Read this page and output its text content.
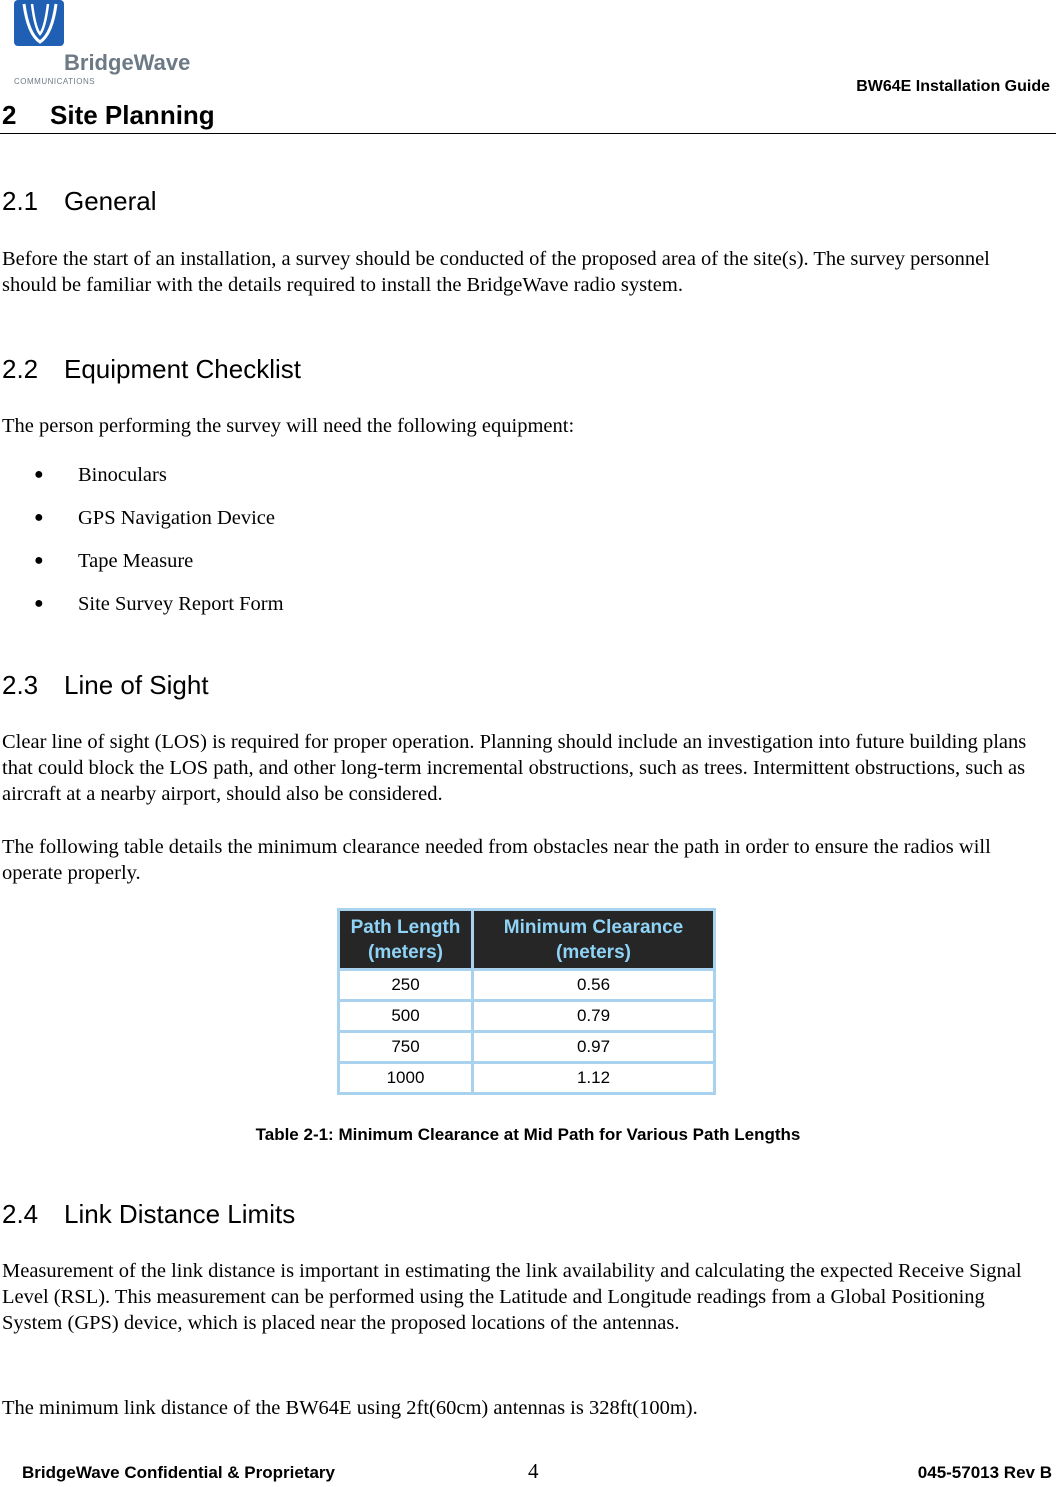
BridgeWave
COMMUNICATIONS	BW64E Installation Guide
2 Site Planning
2.1 General
Before the start of an installation, a survey should be conducted of the proposed area of the site(s). The survey personnel should be familiar with the details required to install the BridgeWave radio system.
2.2 Equipment Checklist
The person performing the survey will need the following equipment:
● Binoculars
● GPS Navigation Device
● Tape Measure
● Site Survey Report Form
2.3 Line of Sight
Clear line of sight (LOS) is required for proper operation. Planning should include an investigation into future building plans that could block the LOS path, and other long-term incremental obstructions, such as trees. Intermittent obstructions, such as aircraft at a nearby airport, should also be considered.
The following table details the minimum clearance needed from obstacles near the path in order to ensure the radios will operate properly.
Path Length (meters)	Minimum Clearance (meters)
250	0.56
500	0.79
750	0.97
1000	1.12
Table 2-1: Minimum Clearance at Mid Path for Various Path Lengths
2.4 Link Distance Limits
Measurement of the link distance is important in estimating the link availability and calculating the expected Receive Signal Level (RSL). This measurement can be performed using the Latitude and Longitude readings from a Global Positioning System (GPS) device, which is placed near the proposed locations of the antennas.
The minimum link distance of the BW64E using 2ft(60cm) antennas is 328ft(100m).
BridgeWave Confidential & Proprietary	4	045-57013 Rev B
